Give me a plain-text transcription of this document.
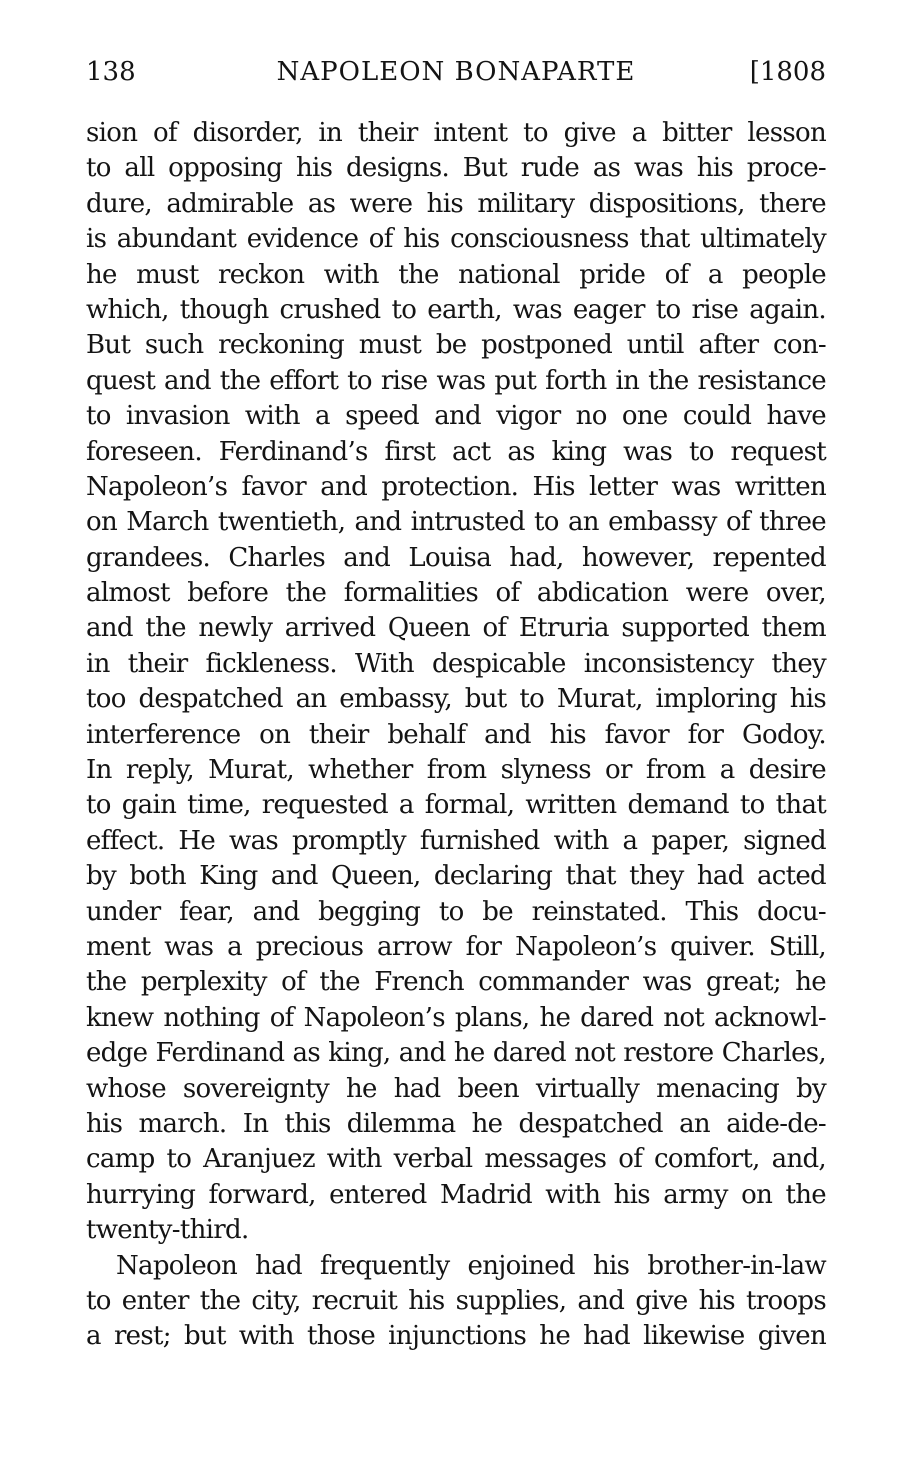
138	NAPOLEON BONAPARTE	[1808
sion of disorder, in their intent to give a bitter lesson
to all opposing his designs. But rude as was his proce-
dure, admirable as were his military dispositions, there
is abundant evidence of his consciousness that ultimately
he must reckon with the national pride of a people
which, though crushed to earth, was eager to rise again.
But such reckoning must be postponed until after con-
quest and the effort to rise was put forth in the resistance
to invasion with a speed and vigor no one could have
foreseen. Ferdinand’s first act as king was to request
Napoleon’s favor and protection. His letter was written
on March twentieth, and intrusted to an embassy of three
grandees. Charles and Louisa had, however, repented
almost before the formalities of abdication were over,
and the newly arrived Queen of Etruria supported them
in their fickleness. With despicable inconsistency they
too despatched an embassy, but to Murat, imploring his
interference on their behalf and his favor for Godoy.
In reply, Murat, whether from slyness or from a desire
to gain time, requested a formal, written demand to that
effect. He was promptly furnished with a paper, signed
by both King and Queen, declaring that they had acted
under fear, and begging to be reinstated. This docu-
ment was a precious arrow for Napoleon’s quiver. Still,
the perplexity of the French commander was great; he
knew nothing of Napoleon’s plans, he dared not acknowl-
edge Ferdinand as king, and he dared not restore Charles,
whose sovereignty he had been virtually menacing by
his march. In this dilemma he despatched an aide-de-
camp to Aranjuez with verbal messages of comfort, and,
hurrying forward, entered Madrid with his army on the
twenty-third.
Napoleon had frequently enjoined his brother-in-law
to enter the city, recruit his supplies, and give his troops
a rest; but with those injunctions he had likewise given
